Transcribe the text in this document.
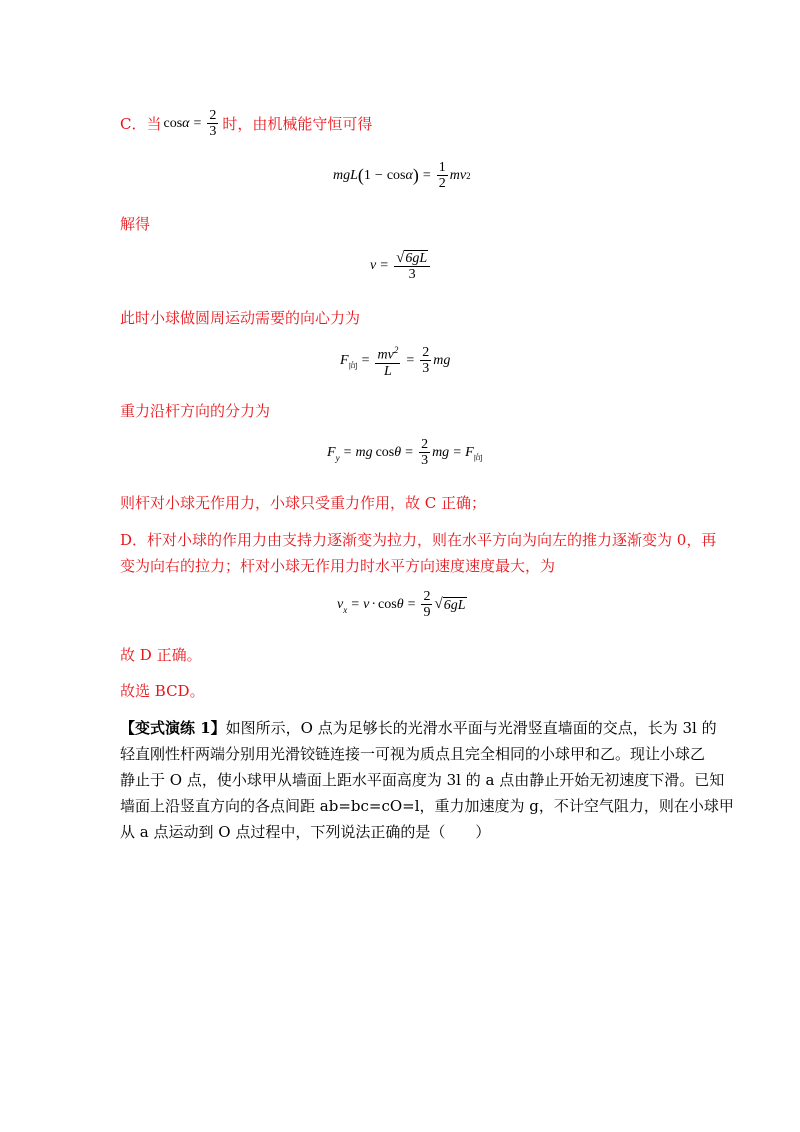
C．当 $\cos \alpha = \frac{2}{3}$ 时，由机械能守恒可得
mgL ( 1 − cos α ) = $\frac{1}{2}$ m v 2
解得
$v = \frac{√ 6gL}{3}$
此时小球做圆周运动需要的向心力为
F 向 = $\frac{mv^2}{L} = \frac{2}{3}$ mg
重力沿杆方向的分力为
F y = mg $\cos \theta = \frac{2}{3}$ mg = F 向
则杆对小球无作用力，小球只受重力作用，故 C 正确；
D．杆对小球的作用力由支持力逐渐变为拉力，则在水平方向为向左的推力逐渐变为 0，再
变为向右的拉力；杆对小球无作用力时水平方向速度速度最大，为
v $x = v \cdot \cos \theta = \frac{2}{9}$ √ 6gL
故 D 正确。
故选 BCD。
【变式演练 1】如图所示，O 点为足够长的光滑水平面与光滑竖直墙面的交点，长为 3l 的
轻直刚性杆两端分别用光滑铰链连接一可视为质点且完全相同的小球甲和乙。现让小球乙
静止于 O 点，使小球甲从墙面上距水平面高度为 3l 的 a 点由静止开始无初速度下滑。已知
墙面上沿竖直方向的各点间距 ab=bc=cO=l，重力加速度为 g，不计空气阻力，则在小球甲
从 a 点运动到 O 点过程中，下列说法正确的是（　　）
